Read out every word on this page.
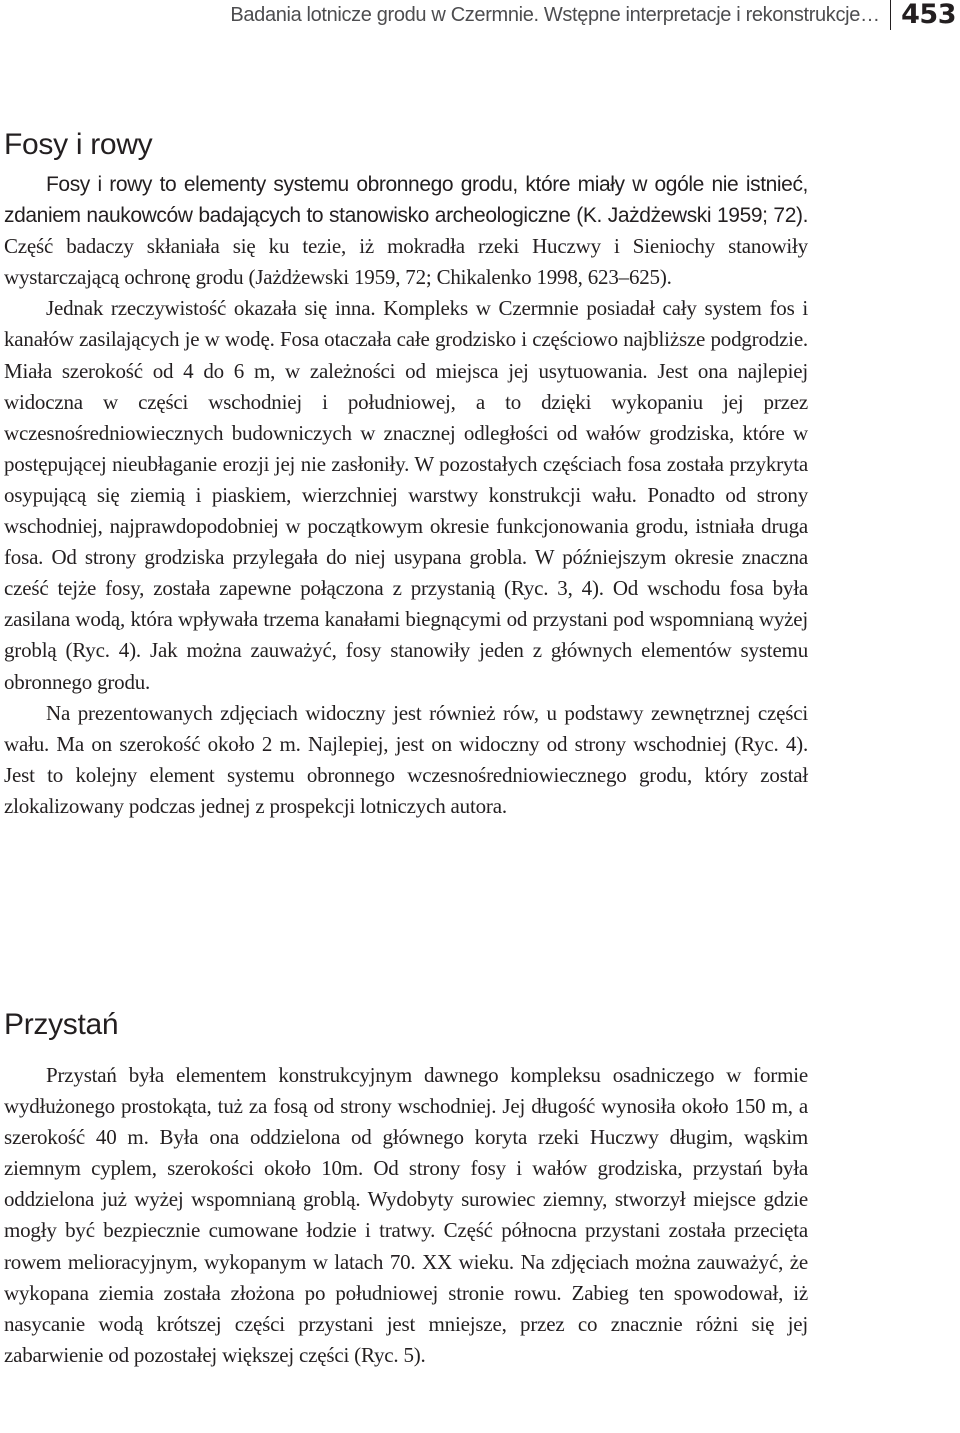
Badania lotnicze grodu w Czermnie. Wstępne interpretacje i rekonstrukcje… 453
Fosy i rowy

Fosy i rowy to elementy systemu obronnego grodu, które miały w ogóle nie istnieć, zdaniem naukowców badających to stanowisko archeologiczne (K. Jażdżewski 1959; 72). Część badaczy skłaniała się ku tezie, iż mokradła rzeki Huczwy i Sieniochy stanowiły wystarczającą ochronę grodu (Jażdżewski 1959, 72; Chikalenko 1998, 623–625).

Jednak rzeczywistość okazała się inna. Kompleks w Czermnie posiadał cały system fos i kanałów zasilających je w wodę. Fosa otaczała całe grodzisko i częściowo najbliższe podgrodzie. Miała szerokość od 4 do 6 m, w zależności od miejsca jej usytuowania. Jest ona najlepiej widoczna w części wschodniej i południowej, a to dzięki wykopaniu jej przez wczesnośredniowiecznych budowniczych w znacznej odległości od wałów grodziska, które w postępującej nieubłaganie erozji jej nie zasłoniły. W pozostałych częściach fosa została przykryta osypującą się ziemią i piaskiem, wierzchniej warstwy konstrukcji wału. Ponadto od strony wschodniej, najprawdopodobniej w początkowym okresie funkcjonowania grodu, istniała druga fosa. Od strony grodziska przylegała do niej usypana grobla. W późniejszym okresie znaczna cześć tejże fosy, została zapewne połączona z przystanią (Ryc. 3, 4). Od wschodu fosa była zasilana wodą, która wpływała trzema kanałami biegnącymi od przystani pod wspomnianą wyżej groblą (Ryc. 4). Jak można zauważyć, fosy stanowiły jeden z głównych elementów systemu obronnego grodu.

Na prezentowanych zdjęciach widoczny jest również rów, u podstawy zewnętrznej części wału. Ma on szerokość około 2 m. Najlepiej, jest on widoczny od strony wschodniej (Ryc. 4). Jest to kolejny element systemu obronnego wczesnośredniowiecznego grodu, który został zlokalizowany podczas jednej z prospekcji lotniczych autora.

Przystań

Przystań była elementem konstrukcyjnym dawnego kompleksu osadniczego w formie wydłużonego prostokąta, tuż za fosą od strony wschodniej. Jej długość wynosiła około 150 m, a szerokość 40 m. Była ona oddzielona od głównego koryta rzeki Huczwy długim, wąskim ziemnym cyplem, szerokości około 10m. Od strony fosy i wałów grodziska, przystań była oddzielona już wyżej wspomnianą groblą. Wydobyty surowiec ziemny, stworzył miejsce gdzie mogły być bezpiecznie cumowane łodzie i tratwy. Część północna przystani została przecięta rowem melioracyjnym, wykopanym w latach 70. XX wieku. Na zdjęciach można zauważyć, że wykopana ziemia została złożona po południowej stronie rowu. Zabieg ten spowodował, iż nasycanie wodą krótszej części przystani jest mniejsze, przez co znacznie różni się jej zabarwienie od pozostałej większej części (Ryc. 5).
